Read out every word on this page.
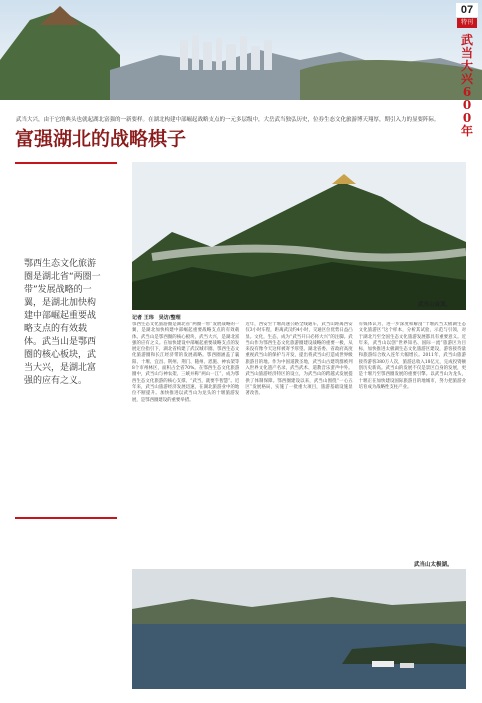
07
特刊
武当大兴600年
武当大兴，由于它的典头也就起湖北富强的一新要样。在湖北构建中部崛起战略支点的一元多层级中，大岳武当独弘历史，位券生态文化旅游博天翔厚，期引入力的显要阵际。
富强湖北的战略棋子
鄂西生态文化旅游圈是湖北省“两圈一带”发展战略的一翼，是湖北加快构建中部崛起重要战略支点的有效载体。武当山是鄂西圈的核心板块，武当大兴，是湖北富强的应有之义。
武当山金顶。
记者 王玮　吴访/整理
鄂西生态文化旅游圈是湖北省“两圈一带”发展战略的一翼，是湖北加快构建中部崛起重要战略支点的有效载体。武当山是鄂西圈的核心板块，武当大兴，是湖北富强的应有之义。在加快建设中部崛起重要战略支点的发展定位指引下，湖北省构建了武汉城市圈、鄂西生态文化旅游圈和长江经济带的发展战略。鄂西圈涵盖了襄阳、十堰、宜昌、荆州、荆门、随州、恩施、神农架等8个市州林区，面积占全省70%。在鄂西生态文化旅游圈中，武当山与神农架、三峡并称“两山一江”，成为鄂西生态文化旅游的核心支撑。“武当，就要乎智慧”。近年来，武当山旅游经济发展迅速，在湖北旅游业中的地位不断提升。加快推进以武当山为龙头的十堰旅游发展，是鄂西圈建设的重要举措。
近年，西安至十堰高速公路全线通车，武当山距离西安仅3小时车程，距离武汉约4小时，交通区位优势日益凸显。文化，生态，成为“武当开日必将大兴”的注脚。武当山作为鄂西生态文化旅游圈建设战略的重要一极，从来没有像今天这样被寄予厚望。湖北省委、省政府高度重视武当山的保护与开发，提出将武当山打造成世界级旅游目的地。作为中国道教圣地，武当山古建筑群被列入世界文化遗产名录，武当武术、道教音乐蜚声中外。武当山旅游经济特区的设立，为武当山的跨越式发展提供了体制保障。鄂西圈建设以来，武当山围绕“一心五区”发展格局，实施了一批重大项目，旅游基础设施显著改善。
有媒体认为，进一步深度和解剖“十堰武当太极湖生态文化旅游区”这个样本，分析其试验，示范与引领，对于湖北乃至全国生态文化旅游发展都具有重要意义。近年来，武当山以创“世界知名、国际一流”旅游区为目标，加快推进太极湖生态文化旅游区建设，游客接待量和旅游综合收入连年大幅增长。2011年，武当山旅游接待游客380万人次，旅游总收入18亿元，完成投资额创历史新高。武当山的发展不仅是景区自身的发展，更是十堰乃至鄂西圈发展的重要引擎。以武当山为龙头，十堰正在加快建设国际旅游目的地城市，努力把旅游业培育成为战略性支柱产业。
武当山太极湖。
